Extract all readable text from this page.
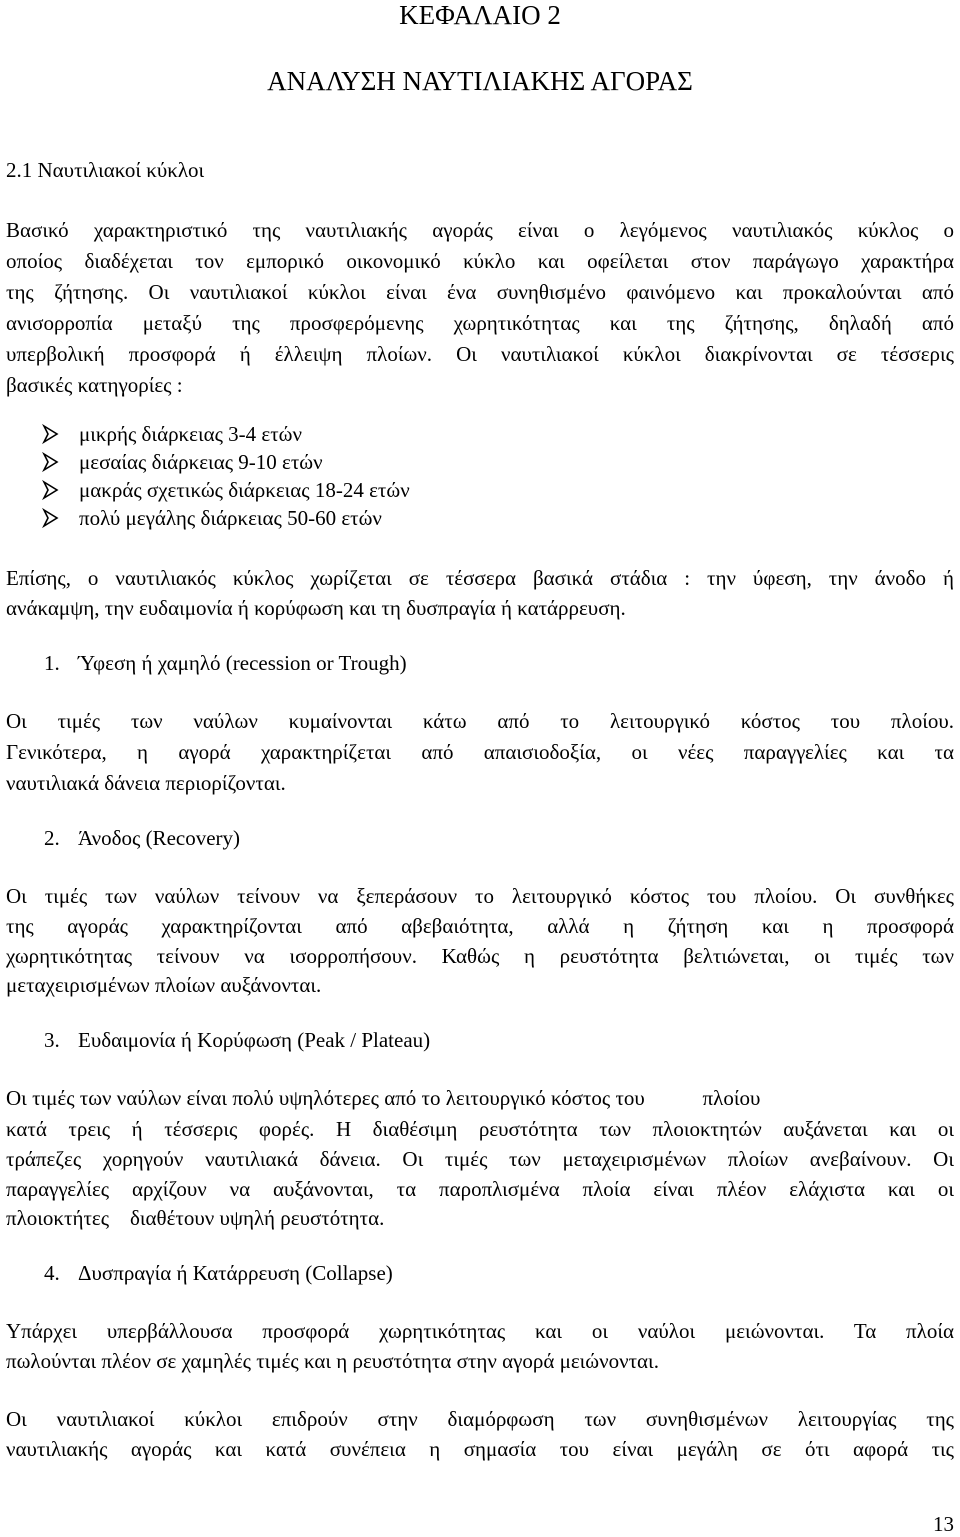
ΚΕΦΑΛΑΙΟ 2
ΑΝΑΛΥΣΗ ΝΑΥΤΙΛΙΑΚΗΣ ΑΓΟΡΑΣ
2.1 Ναυτιλιακοί κύκλοι
Βασικό χαρακτηριστικό της ναυτιλιακής αγοράς είναι ο λεγόμενος ναυτιλιακός κύκλος ο
οποίος διαδέχεται τον εμπορικό οικονομικό κύκλο και οφείλεται στον παράγωγο χαρακτήρα
της ζήτησης. Οι ναυτιλιακοί κύκλοι είναι ένα συνηθισμένο φαινόμενο και προκαλούνται από
ανισορροπία μεταξύ της προσφερόμενης χωρητικότητας και της ζήτησης, δηλαδή από
υπερβολική προσφορά ή έλλειψη πλοίων. Οι ναυτιλιακοί κύκλοι διακρίνονται σε τέσσερις
βασικές κατηγορίες :
μικρής διάρκειας 3-4 ετών
μεσαίας διάρκειας 9-10 ετών
μακράς σχετικώς διάρκειας 18-24 ετών
πολύ μεγάλης διάρκειας 50-60 ετών
Επίσης, ο ναυτιλιακός κύκλος χωρίζεται σε τέσσερα βασικά στάδια : την ύφεση, την άνοδο ή
ανάκαμψη, την ευδαιμονία ή κορύφωση και τη δυσπραγία ή κατάρρευση.
1. Ύφεση ή χαμηλό (recession or Trough)
Οι τιμές των ναύλων κυμαίνονται κάτω από το λειτουργικό κόστος του πλοίου.
Γενικότερα, η αγορά χαρακτηρίζεται από απαισιοδοξία, οι νέες παραγγελίες και τα
ναυτιλιακά δάνεια περιορίζονται.
2. Άνοδος (Recovery)
Οι τιμές των ναύλων τείνουν να ξεπεράσουν το λειτουργικό κόστος του πλοίου. Οι συνθήκες
της αγοράς χαρακτηρίζονται από αβεβαιότητα, αλλά η ζήτηση και η προσφορά
χωρητικότητας τείνουν να ισορροπήσουν. Καθώς η ρευστότητα βελτιώνεται, οι τιμές των
μεταχειρισμένων πλοίων αυξάνονται.
3. Ευδαιμονία ή Κορύφωση (Peak / Plateau)
Οι τιμές των ναύλων είναι πολύ υψηλότερες από το λειτουργικό κόστος του           πλοίου
κατά τρεις ή τέσσερις φορές. Η διαθέσιμη ρευστότητα των πλοιοκτητών αυξάνεται και οι
τράπεζες χορηγούν ναυτιλιακά δάνεια. Οι τιμές των μεταχειρισμένων πλοίων ανεβαίνουν. Οι
παραγγελίες αρχίζουν να αυξάνονται, τα παροπλισμένα πλοία είναι πλέον ελάχιστα και οι
πλοιοκτήτες    διαθέτουν υψηλή ρευστότητα.
4. Δυσπραγία ή Κατάρρευση (Collapse)
Υπάρχει υπερβάλλουσα προσφορά χωρητικότητας και οι ναύλοι μειώνονται. Τα πλοία
πωλούνται πλέον σε χαμηλές τιμές και η ρευστότητα στην αγορά μειώνονται.
Οι ναυτιλιακοί κύκλοι επιδρούν στην διαμόρφωση των συνηθισμένων λειτουργίας της
ναυτιλιακής αγοράς και κατά συνέπεια η σημασία του είναι μεγάλη σε ότι αφορά τις
13
